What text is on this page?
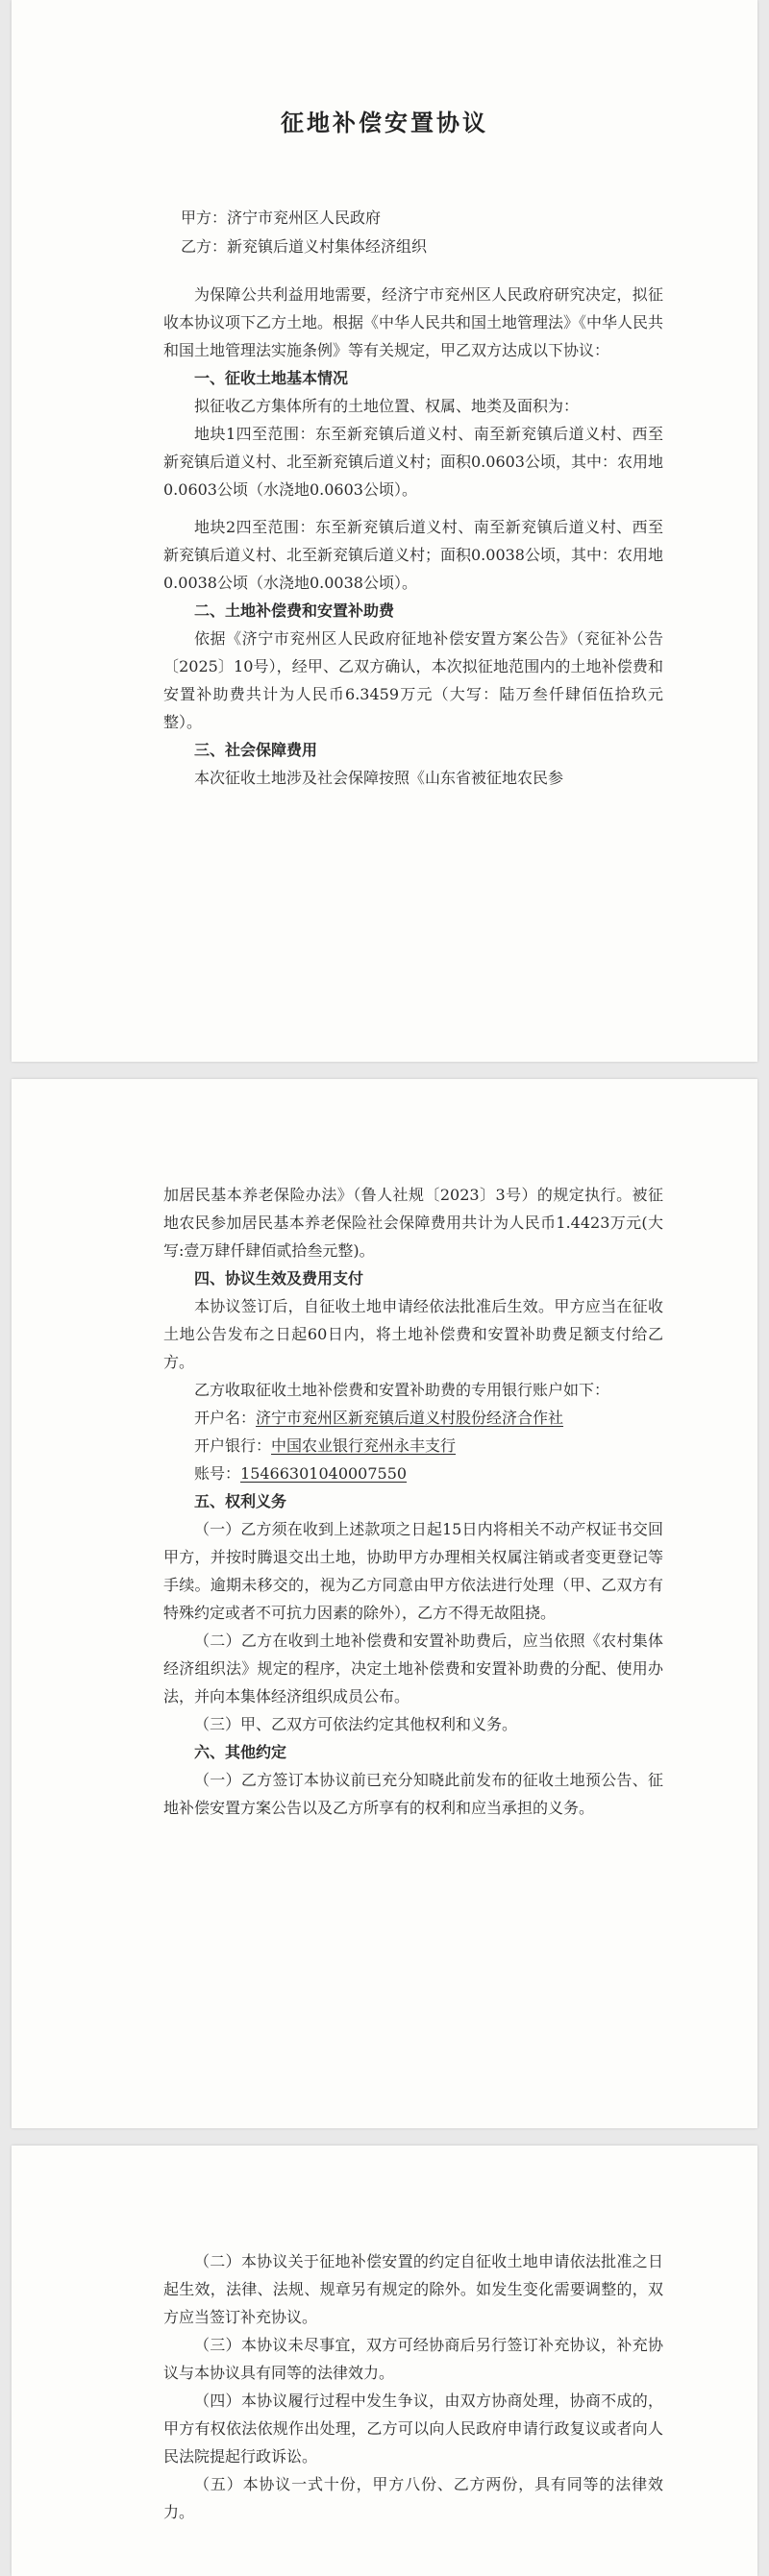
征地补偿安置协议

甲方：济宁市兖州区人民政府

乙方：新兖镇后道义村集体经济组织

为保障公共利益用地需要，经济宁市兖州区人民政府研究决定，拟征收本协议项下乙方土地。根据《中华人民共和国土地管理法》《中华人民共和国土地管理法实施条例》等有关规定，甲乙双方达成以下协议：

一、征收土地基本情况

拟征收乙方集体所有的土地位置、权属、地类及面积为：

地块1四至范围：东至新兖镇后道义村、南至新兖镇后道义村、西至新兖镇后道义村、北至新兖镇后道义村；面积0.0603公顷，其中：农用地0.0603公顷（水浇地0.0603公顷）。

地块2四至范围：东至新兖镇后道义村、南至新兖镇后道义村、西至新兖镇后道义村、北至新兖镇后道义村；面积0.0038公顷，其中：农用地0.0038公顷（水浇地0.0038公顷）。

二、土地补偿费和安置补助费

依据《济宁市兖州区人民政府征地补偿安置方案公告》（兖征补公告〔2025〕10号），经甲、乙双方确认，本次拟征地范围内的土地补偿费和安置补助费共计为人民币6.3459万元（大写：陆万叁仟肆佰伍拾玖元整）。

三、社会保障费用

本次征收土地涉及社会保障按照《山东省被征地农民参

加居民基本养老保险办法》（鲁人社规〔2023〕3号）的规定执行。被征地农民参加居民基本养老保险社会保障费用共计为人民币1.4423万元(大写:壹万肆仟肆佰贰拾叁元整)。

四、协议生效及费用支付

本协议签订后，自征收土地申请经依法批准后生效。甲方应当在征收土地公告发布之日起60日内，将土地补偿费和安置补助费足额支付给乙方。

乙方收取征收土地补偿费和安置补助费的专用银行账户如下：

开户名：济宁市兖州区新兖镇后道义村股份经济合作社

开户银行：中国农业银行兖州永丰支行

账号：15466301040007550

五、权利义务

（一）乙方须在收到上述款项之日起15日内将相关不动产权证书交回甲方，并按时腾退交出土地，协助甲方办理相关权属注销或者变更登记等手续。逾期未移交的，视为乙方同意由甲方依法进行处理（甲、乙双方有特殊约定或者不可抗力因素的除外），乙方不得无故阻挠。

（二）乙方在收到土地补偿费和安置补助费后，应当依照《农村集体经济组织法》规定的程序，决定土地补偿费和安置补助费的分配、使用办法，并向本集体经济组织成员公布。

（三）甲、乙双方可依法约定其他权利和义务。

六、其他约定

（一）乙方签订本协议前已充分知晓此前发布的征收土地预公告、征地补偿安置方案公告以及乙方所享有的权利和应当承担的义务。

（二）本协议关于征地补偿安置的约定自征收土地申请依法批准之日起生效，法律、法规、规章另有规定的除外。如发生变化需要调整的，双方应当签订补充协议。

（三）本协议未尽事宜，双方可经协商后另行签订补充协议，补充协议与本协议具有同等的法律效力。

（四）本协议履行过程中发生争议，由双方协商处理，协商不成的，甲方有权依法依规作出处理，乙方可以向人民政府申请行政复议或者向人民法院提起行政诉讼。

（五）本协议一式十份，甲方八份、乙方两份，具有同等的法律效力。
